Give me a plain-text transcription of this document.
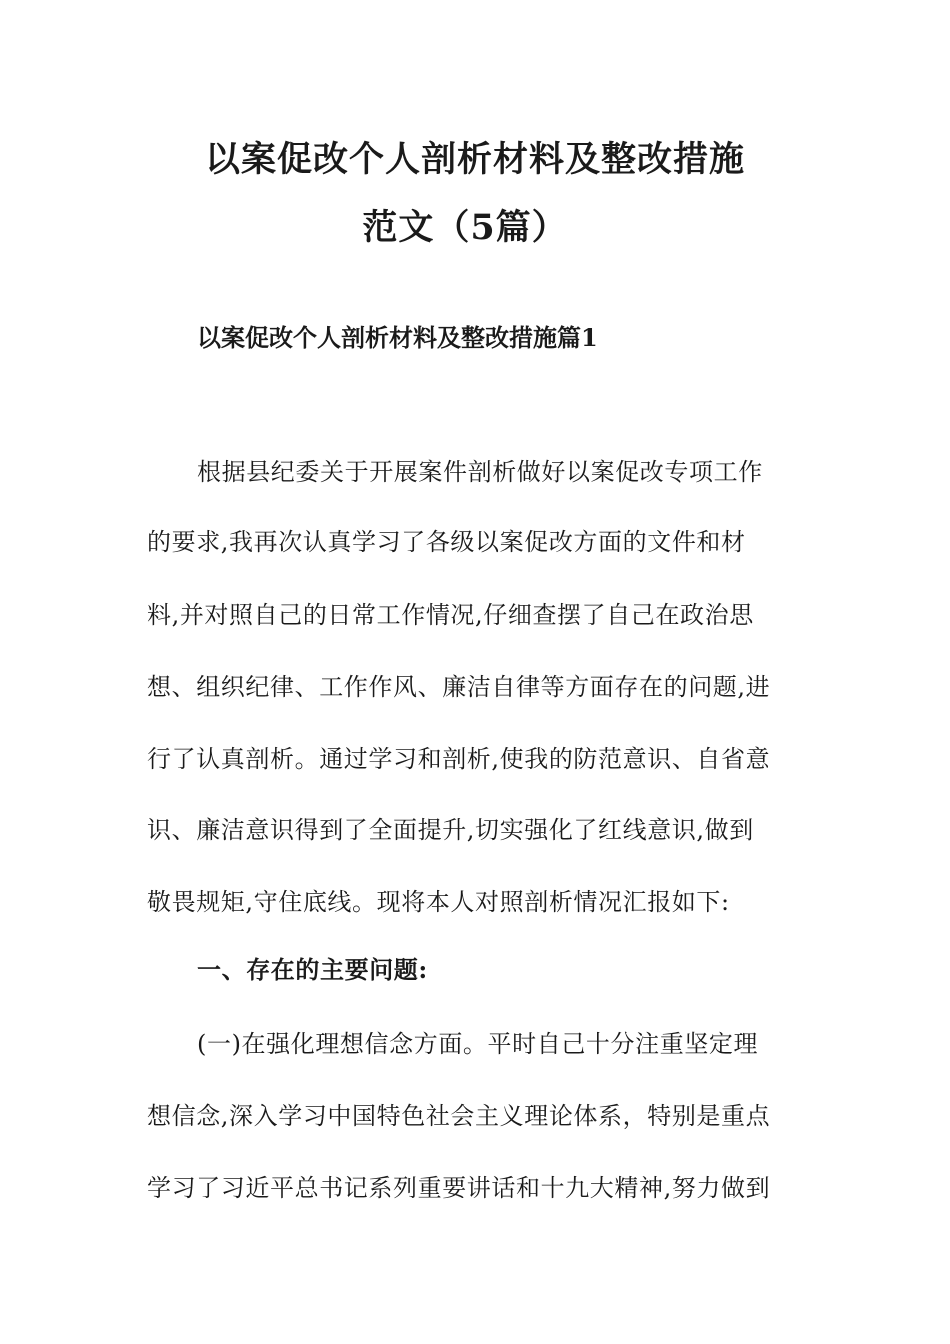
以案促改个人剖析材料及整改措施
范文（5篇）
以案促改个人剖析材料及整改措施篇1
根据县纪委关于开展案件剖析做好以案促改专项工作
的要求,我再次认真学习了各级以案促改方面的文件和材
料,并对照自己的日常工作情况,仔细查摆了自己在政治思
想、组织纪律、工作作风、廉洁自律等方面存在的问题,进
行了认真剖析。通过学习和剖析,使我的防范意识、自省意
识、廉洁意识得到了全面提升,切实强化了红线意识,做到
敬畏规矩,守住底线。现将本人对照剖析情况汇报如下:
一、存在的主要问题:
(一)在强化理想信念方面。平时自己十分注重坚定理
想信念,深入学习中国特色社会主义理论体系，特别是重点
学习了习近平总书记系列重要讲话和十九大精神,努力做到
